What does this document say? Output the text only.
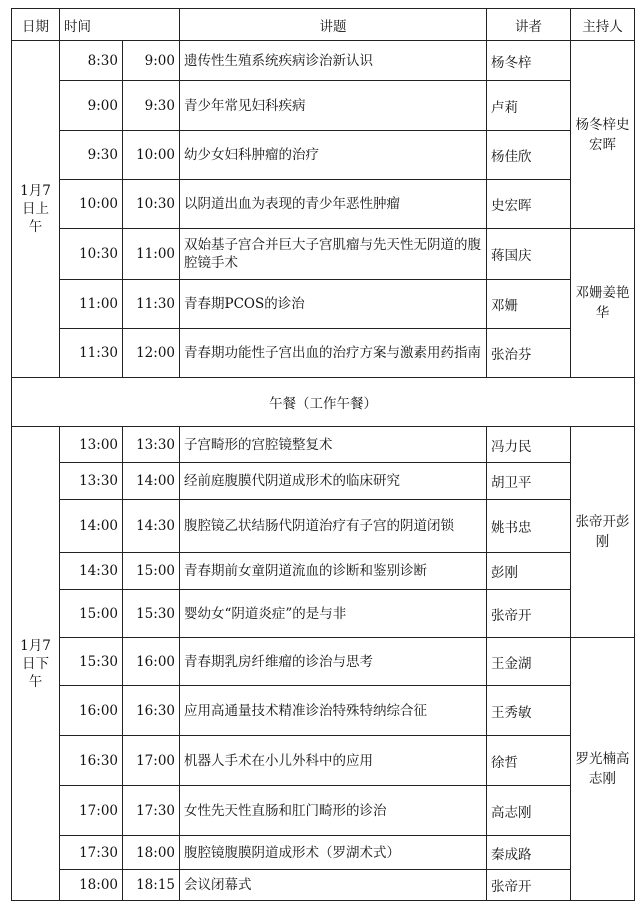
日期	时间		讲题	讲者	主持人
1月7日上午	8:30	9:00	遗传性生殖系统疾病诊治新认识	杨冬梓	杨冬梓史宏晖
	9:00	9:30	青少年常见妇科疾病	卢莉	
	9:30	10:00	幼少女妇科肿瘤的治疗	杨佳欣	
	10:00	10:30	以阴道出血为表现的青少年恶性肿瘤	史宏晖	
	10:30	11:00	双始基子宫合并巨大子宫肌瘤与先天性无阴道的腹腔镜手术	蒋国庆	邓姗姜艳华
	11:00	11:30	青春期PCOS的诊治	邓姗	
	11:30	12:00	青春期功能性子宫出血的治疗方案与激素用药指南	张治芬	
午餐（工作午餐）					
1月7日下午	13:00	13:30	子宫畸形的宫腔镜整复术	冯力民	张帝开彭刚
	13:30	14:00	经前庭腹膜代阴道成形术的临床研究	胡卫平	
	14:00	14:30	腹腔镜乙状结肠代阴道治疗有子宫的阴道闭锁	姚书忠	
	14:30	15:00	青春期前女童阴道流血的诊断和鉴别诊断	彭刚	
	15:00	15:30	婴幼女“阴道炎症”的是与非	张帝开	
	15:30	16:00	青春期乳房纤维瘤的诊治与思考	王金湖	罗光楠高志刚
	16:00	16:30	应用高通量技术精准诊治特殊特纳综合征	王秀敏	
	16:30	17:00	机器人手术在小儿外科中的应用	徐哲	
	17:00	17:30	女性先天性直肠和肛门畸形的诊治	高志刚	
	17:30	18:00	腹腔镜腹膜阴道成形术（罗湖术式）	秦成路	
	18:00	18:15	会议闭幕式	张帝开	
